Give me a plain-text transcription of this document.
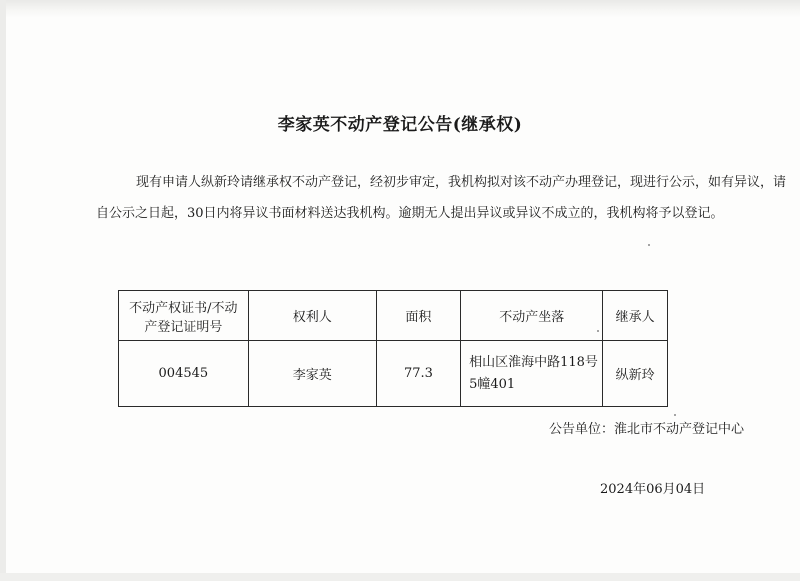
李家英不动产登记公告(继承权)
现有申请人纵新玲请继承权不动产登记，经初步审定，我机构拟对该不动产办理登记，现进行公示，如有异议，请自公示之日起，30日内将异议书面材料送达我机构。逾期无人提出异议或异议不成立的，我机构将予以登记。
不动产权证书/不动产登记证明号	权利人	面积	不动产坐落	继承人
004545	李家英	77.3	相山区淮海中路118号5幢401	纵新玲
公告单位：淮北市不动产登记中心
2024年06月04日
